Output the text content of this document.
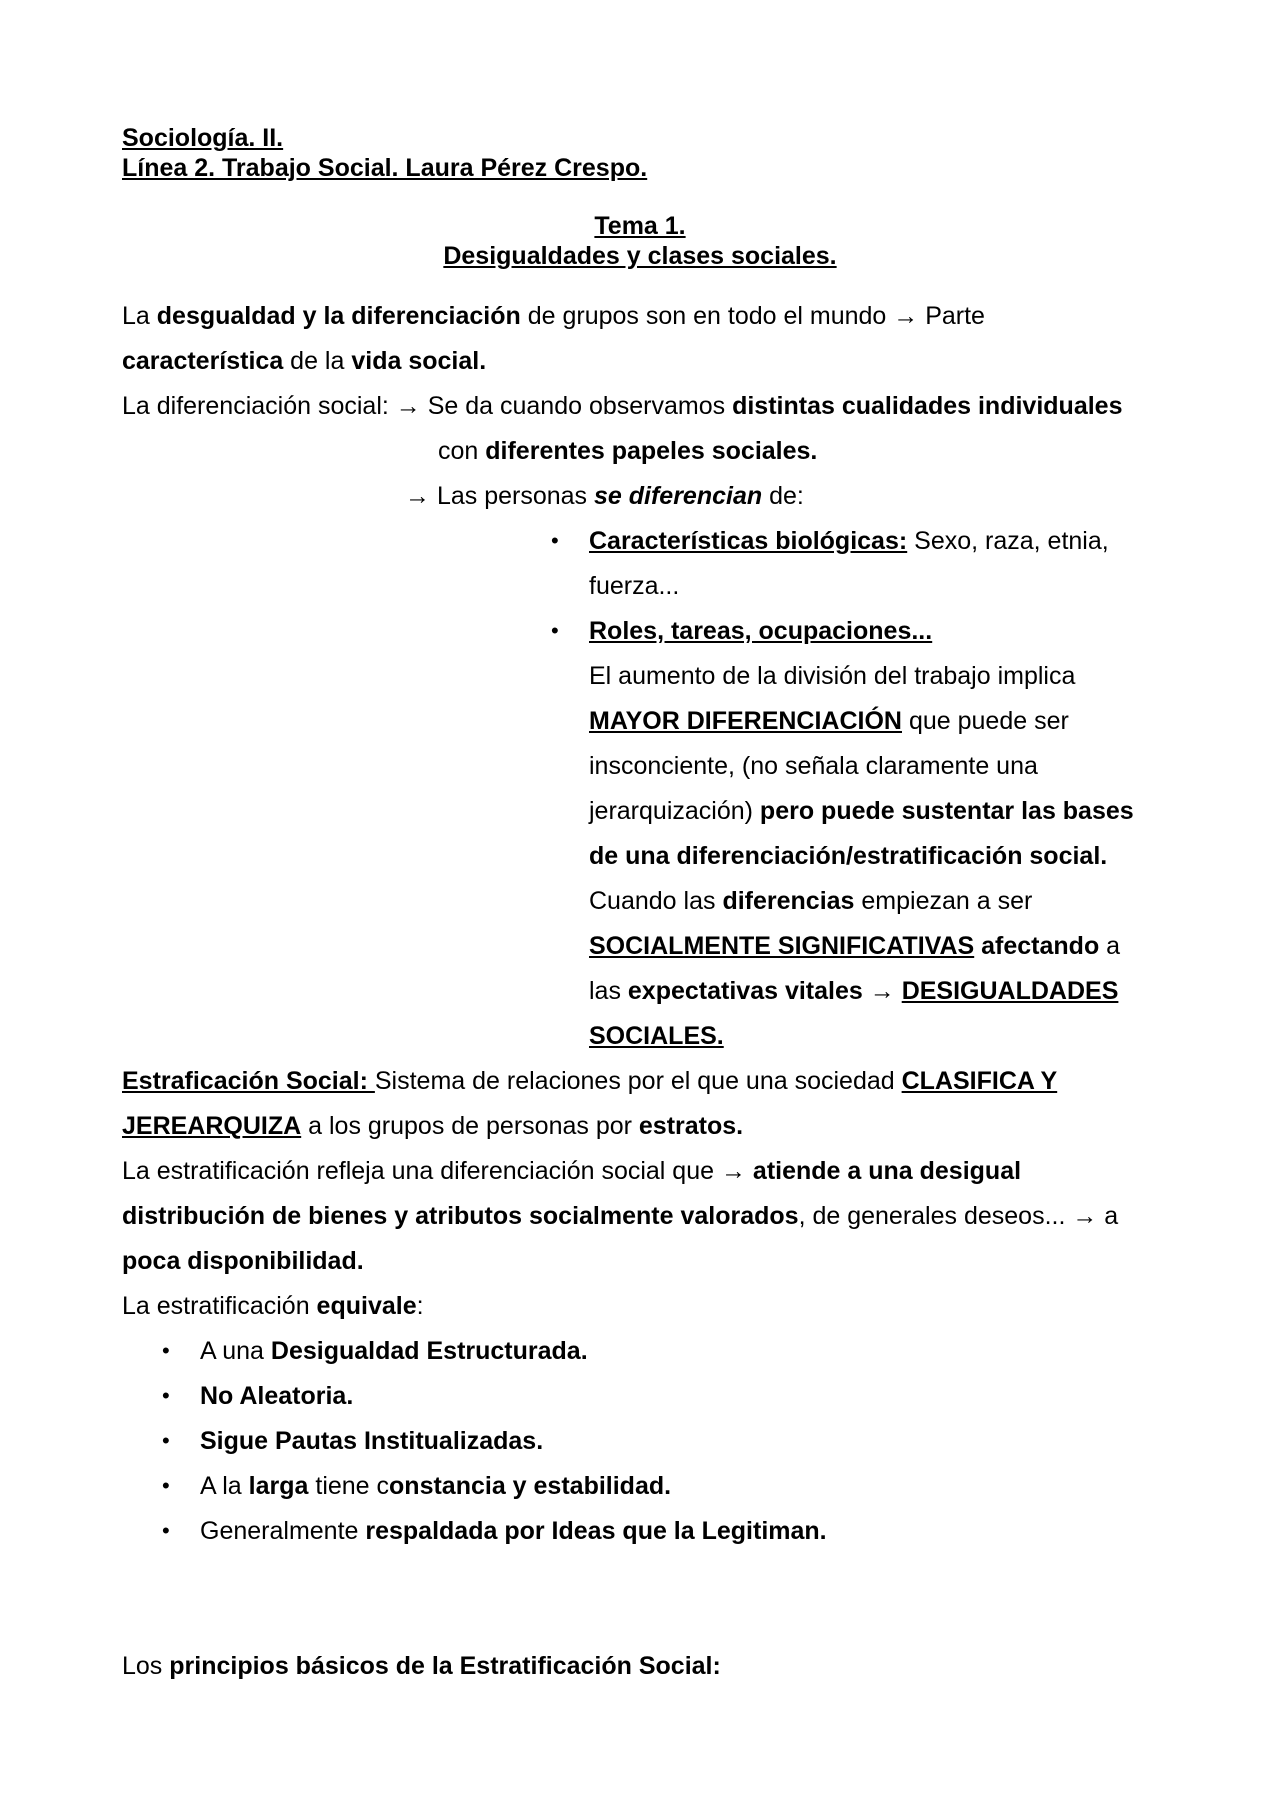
Sociología. II.
Línea 2. Trabajo Social. Laura Pérez Crespo.
Tema 1.
Desigualdades y clases sociales.
La desgualdad y la diferenciación de grupos son en todo el mundo → Parte
característica de la vida social.
La diferenciación social: → Se da cuando observamos distintas cualidades individuales
con diferentes papeles sociales.
→ Las personas se diferencian de:
• Características biológicas: Sexo, raza, etnia,
fuerza...
• Roles, tareas, ocupaciones...
El aumento de la división del trabajo implica
MAYOR DIFERENCIACIÓN que puede ser
insconciente, (no señala claramente una
jerarquización) pero puede sustentar las bases
de una diferenciación/estratificación social.
Cuando las diferencias empiezan a ser
SOCIALMENTE SIGNIFICATIVAS afectando a
las expectativas vitales → DESIGUALDADES
SOCIALES.
Estraficación Social: Sistema de relaciones por el que una sociedad CLASIFICA Y
JEREARQUIZA a los grupos de personas por estratos.
La estratificación refleja una diferenciación social que → atiende a una desigual
distribución de bienes y atributos socialmente valorados, de generales deseos... → a
poca disponibilidad.
La estratificación equivale:
• A una Desigualdad Estructurada.
• No Aleatoria.
• Sigue Pautas Institualizadas.
• A la larga tiene constancia y estabilidad.
• Generalmente respaldada por Ideas que la Legitiman.
Los principios básicos de la Estratificación Social:
